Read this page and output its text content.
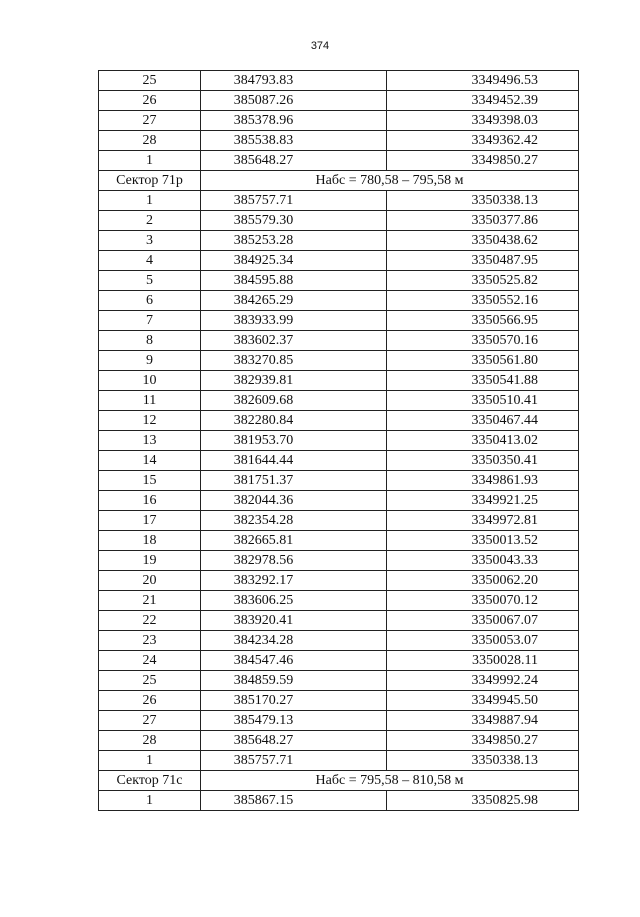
374
25	384793.83	3349496.53
26	385087.26	3349452.39
27	385378.96	3349398.03
28	385538.83	3349362.42
1	385648.27	3349850.27
Сектор 71р	Набс = 780,58 – 795,58 м	
1	385757.71	3350338.13
2	385579.30	3350377.86
3	385253.28	3350438.62
4	384925.34	3350487.95
5	384595.88	3350525.82
6	384265.29	3350552.16
7	383933.99	3350566.95
8	383602.37	3350570.16
9	383270.85	3350561.80
10	382939.81	3350541.88
11	382609.68	3350510.41
12	382280.84	3350467.44
13	381953.70	3350413.02
14	381644.44	3350350.41
15	381751.37	3349861.93
16	382044.36	3349921.25
17	382354.28	3349972.81
18	382665.81	3350013.52
19	382978.56	3350043.33
20	383292.17	3350062.20
21	383606.25	3350070.12
22	383920.41	3350067.07
23	384234.28	3350053.07
24	384547.46	3350028.11
25	384859.59	3349992.24
26	385170.27	3349945.50
27	385479.13	3349887.94
28	385648.27	3349850.27
1	385757.71	3350338.13
Сектор 71с	Набс = 795,58 – 810,58 м	
1	385867.15	3350825.98
